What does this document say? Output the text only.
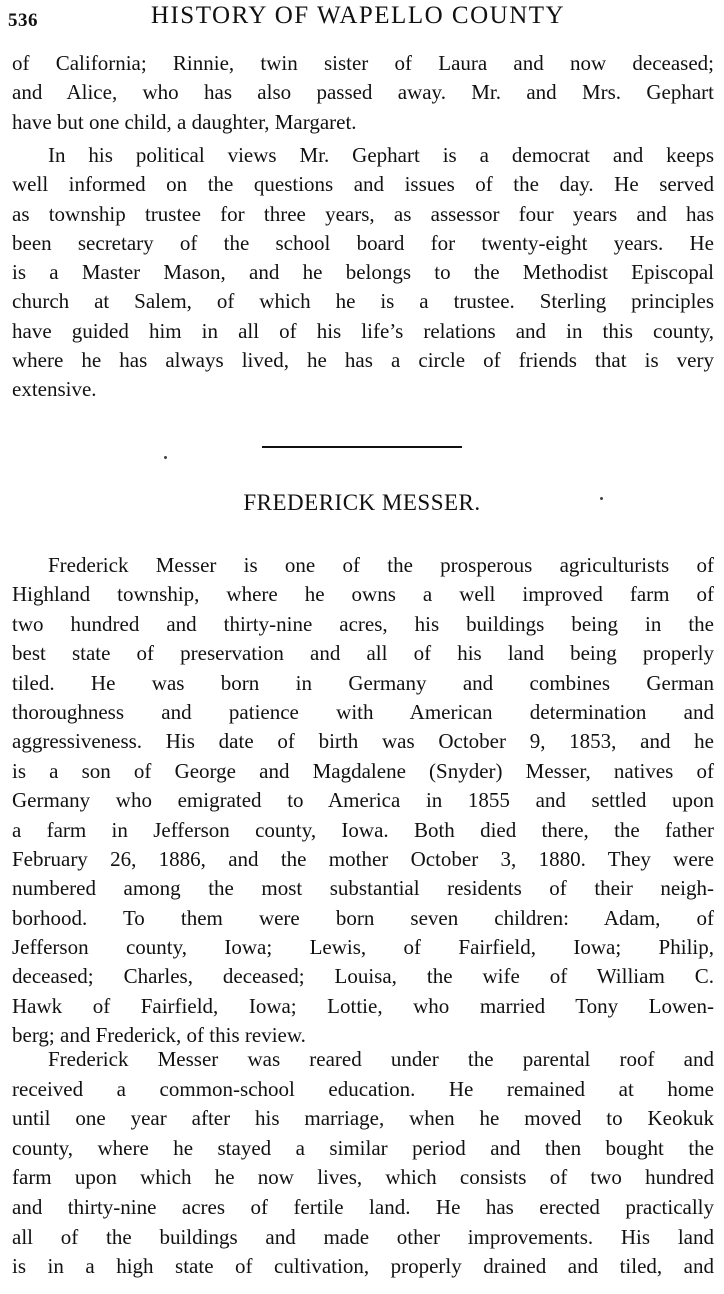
536	HISTORY OF WAPELLO COUNTY
of California; Rinnie, twin sister of Laura and now deceased;
and Alice, who has also passed away. Mr. and Mrs. Gephart
have but one child, a daughter, Margaret.
In his political views Mr. Gephart is a democrat and keeps
well informed on the questions and issues of the day. He served
as township trustee for three years, as assessor four years and has
been secretary of the school board for twenty-eight years. He
is a Master Mason, and he belongs to the Methodist Episcopal
church at Salem, of which he is a trustee. Sterling principles
have guided him in all of his life’s relations and in this county,
where he has always lived, he has a circle of friends that is very
extensive.
FREDERICK MESSER.
Frederick Messer is one of the prosperous agriculturists of
Highland township, where he owns a well improved farm of
two hundred and thirty-nine acres, his buildings being in the
best state of preservation and all of his land being properly
tiled. He was born in Germany and combines German
thoroughness and patience with American determination and
aggressiveness. His date of birth was October 9, 1853, and he
is a son of George and Magdalene (Snyder) Messer, natives of
Germany who emigrated to America in 1855 and settled upon
a farm in Jefferson county, Iowa. Both died there, the father
February 26, 1886, and the mother October 3, 1880. They were
numbered among the most substantial residents of their neigh-
borhood. To them were born seven children: Adam, of
Jefferson county, Iowa; Lewis, of Fairfield, Iowa; Philip,
deceased; Charles, deceased; Louisa, the wife of William C.
Hawk of Fairfield, Iowa; Lottie, who married Tony Lowen-
berg; and Frederick, of this review.
Frederick Messer was reared under the parental roof and
received a common-school education. He remained at home
until one year after his marriage, when he moved to Keokuk
county, where he stayed a similar period and then bought the
farm upon which he now lives, which consists of two hundred
and thirty-nine acres of fertile land. He has erected practically
all of the buildings and made other improvements. His land
is in a high state of cultivation, properly drained and tiled, and
